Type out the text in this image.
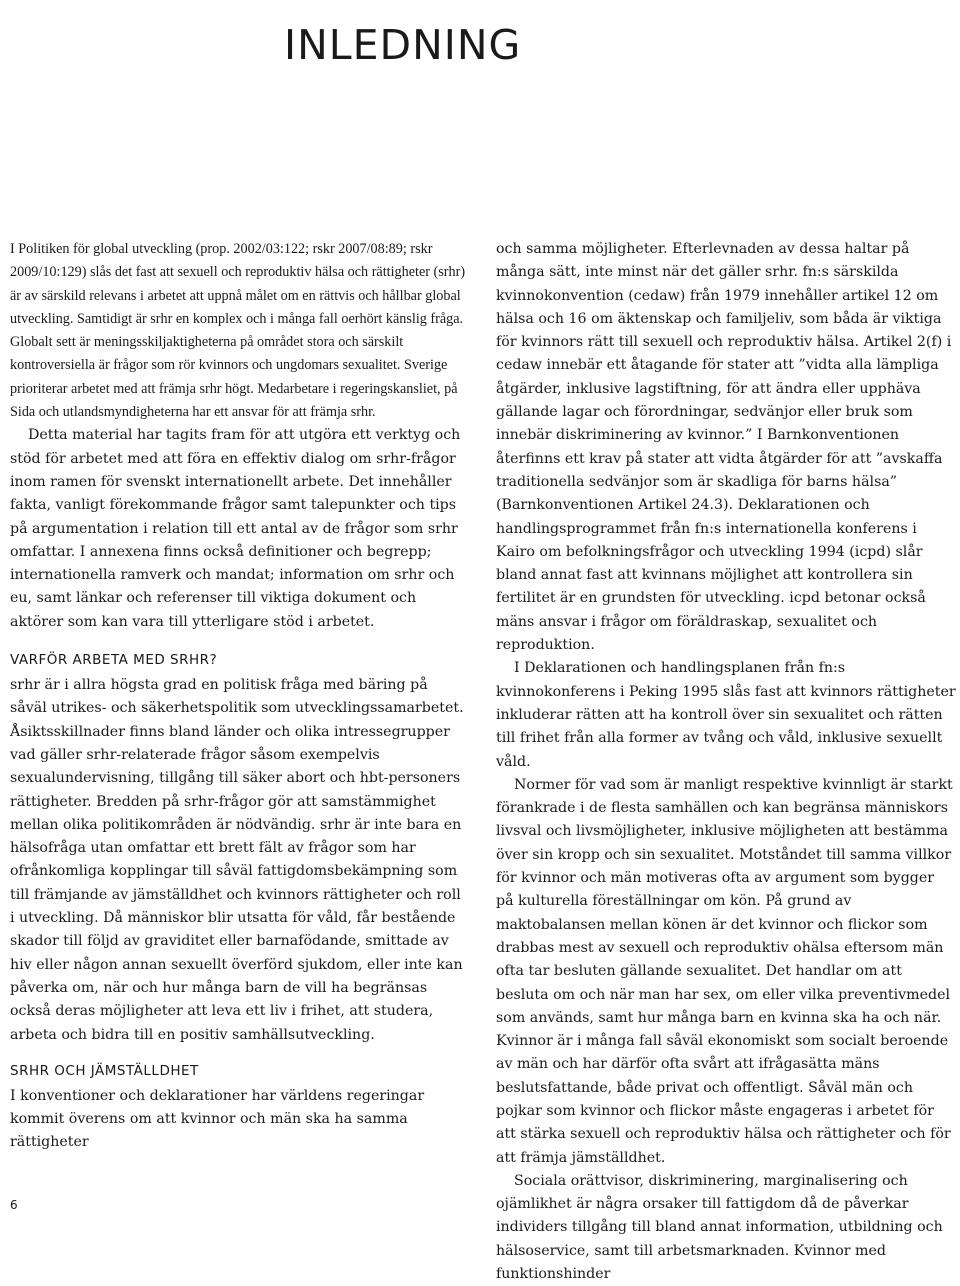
INLEDNING

I Politiken för global utveckling (prop. 2002/03:122; rskr 2007/08:89; rskr 2009/10:129) slås det fast att sexuell och reproduktiv hälsa och rättigheter (srhr) är av särskild relevans i arbetet att uppnå målet om en rättvis och hållbar global utveckling. Samtidigt är srhr en komplex och i många fall oerhört känslig fråga. Globalt sett är meningsskiljaktigheterna på området stora och särskilt kontroversiella är frågor som rör kvinnors och ungdomars sexualitet. Sverige prioriterar arbetet med att främja srhr högt. Medarbetare i regeringskansliet, på Sida och utlandsmyndigheterna har ett ansvar för att främja srhr.

Detta material har tagits fram för att utgöra ett verktyg och stöd för arbetet med att föra en effektiv dialog om srhr-frågor inom ramen för svenskt internationellt arbete. Det innehåller fakta, vanligt förekommande frågor samt talepunkter och tips på argumentation i relation till ett antal av de frågor som srhr omfattar. I annexena finns också definitioner och begrepp; internationella ramverk och mandat; information om srhr och eu, samt länkar och referenser till viktiga dokument och aktörer som kan vara till ytterligare stöd i arbetet.

VARFÖR ARBETA MED SRHR?

srhr är i allra högsta grad en politisk fråga med bäring på såväl utrikes- och säkerhetspolitik som utvecklingssamarbetet. Åsiktsskillnader finns bland länder och olika intressegrupper vad gäller srhr-relaterade frågor såsom exempelvis sexualundervisning, tillgång till säker abort och hbt-personers rättigheter. Bredden på srhr-frågor gör att samstämmighet mellan olika politikområden är nödvändig. srhr är inte bara en hälsofråga utan omfattar ett brett fält av frågor som har ofrånkomliga kopplingar till såväl fattigdomsbekämpning som till främjande av jämställdhet och kvinnors rättigheter och roll i utveckling. Då människor blir utsatta för våld, får bestående skador till följd av graviditet eller barnafödande, smittade av hiv eller någon annan sexuellt överförd sjukdom, eller inte kan påverka om, när och hur många barn de vill ha begränsas också deras möjligheter att leva ett liv i frihet, att studera, arbeta och bidra till en positiv samhällsutveckling.

SRHR OCH JÄMSTÄLLDHET

I konventioner och deklarationer har världens regeringar kommit överens om att kvinnor och män ska ha samma rättigheter

och samma möjligheter. Efterlevnaden av dessa haltar på många sätt, inte minst när det gäller srhr. fn:s särskilda kvinnokonvention (cedaw) från 1979 innehåller artikel 12 om hälsa och 16 om äktenskap och familjeliv, som båda är viktiga för kvinnors rätt till sexuell och reproduktiv hälsa. Artikel 2(f) i cedaw innebär ett åtagande för stater att ”vidta alla lämpliga åtgärder, inklusive lagstiftning, för att ändra eller upphäva gällande lagar och förordningar, sedvänjor eller bruk som innebär diskriminering av kvinnor.” I Barnkonventionen återfinns ett krav på stater att vidta åtgärder för att ”avskaffa traditionella sedvänjor som är skadliga för barns hälsa” (Barnkonventionen Artikel 24.3). Deklarationen och handlingsprogrammet från fn:s internationella konferens i Kairo om befolkningsfrågor och utveckling 1994 (icpd) slår bland annat fast att kvinnans möjlighet att kontrollera sin fertilitet är en grundsten för utveckling. icpd betonar också mäns ansvar i frågor om föräldraskap, sexualitet och reproduktion.

I Deklarationen och handlingsplanen från fn:s kvinnokonferens i Peking 1995 slås fast att kvinnors rättigheter inkluderar rätten att ha kontroll över sin sexualitet och rätten till frihet från alla former av tvång och våld, inklusive sexuellt våld.

Normer för vad som är manligt respektive kvinnligt är starkt förankrade i de flesta samhällen och kan begränsa människors livsval och livsmöjligheter, inklusive möjligheten att bestämma över sin kropp och sin sexualitet. Motståndet till samma villkor för kvinnor och män motiveras ofta av argument som bygger på kulturella föreställningar om kön. På grund av maktobalansen mellan könen är det kvinnor och flickor som drabbas mest av sexuell och reproduktiv ohälsa eftersom män ofta tar besluten gällande sexualitet. Det handlar om att besluta om och när man har sex, om eller vilka preventivmedel som används, samt hur många barn en kvinna ska ha och när. Kvinnor är i många fall såväl ekonomiskt som socialt beroende av män och har därför ofta svårt att ifrågasätta mäns beslutsfattande, både privat och offentligt. Såväl män och pojkar som kvinnor och flickor måste engageras i arbetet för att stärka sexuell och reproduktiv hälsa och rättigheter och för att främja jämställdhet.

Sociala orättvisor, diskriminering, marginalisering och ojämlikhet är några orsaker till fattigdom då de påverkar individers tillgång till bland annat information, utbildning och hälsoservice, samt till arbetsmarknaden. Kvinnor med funktionshinder

6
